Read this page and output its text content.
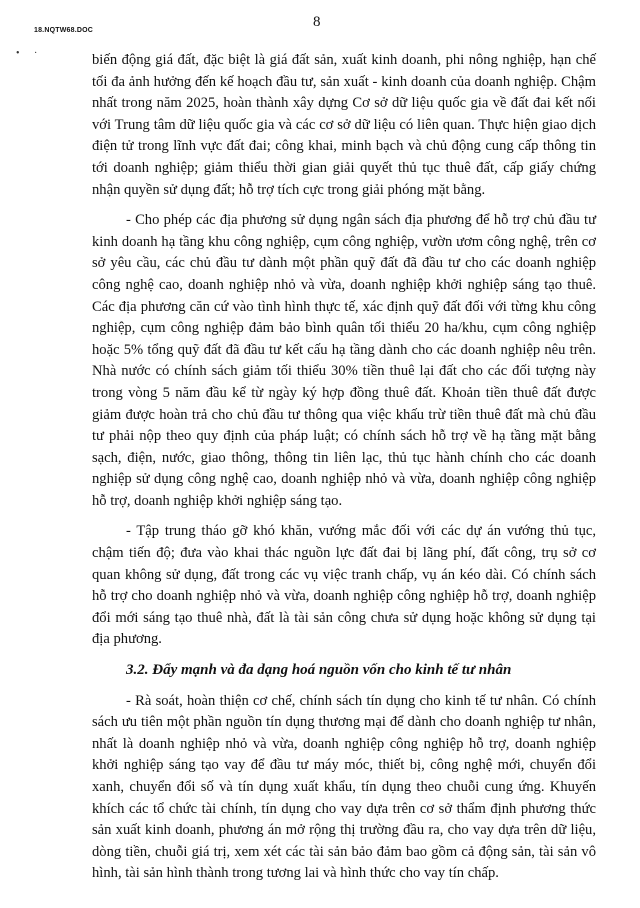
18.NQTW68.DOC
8
• ·	biến động giá đất, đặc biệt là giá đất sản, xuất kinh doanh, phi nông nghiệp, hạn chế tối đa ảnh hưởng đến kế hoạch đầu tư, sản xuất - kinh doanh của doanh nghiệp. Chậm nhất trong năm 2025, hoàn thành xây dựng Cơ sở dữ liệu quốc gia về đất đai kết nối với Trung tâm dữ liệu quốc gia và các cơ sở dữ liệu có liên quan. Thực hiện giao dịch điện tử trong lĩnh vực đất đai; công khai, minh bạch và chủ động cung cấp thông tin tới doanh nghiệp; giảm thiểu thời gian giải quyết thủ tục thuê đất, cấp giấy chứng nhận quyền sử dụng đất; hỗ trợ tích cực trong giải phóng mặt bằng.

- Cho phép các địa phương sử dụng ngân sách địa phương để hỗ trợ chủ đầu tư kinh doanh hạ tầng khu công nghiệp, cụm công nghiệp, vườn ươm công nghệ, trên cơ sở yêu cầu, các chủ đầu tư dành một phần quỹ đất đã đầu tư cho các doanh nghiệp công nghệ cao, doanh nghiệp nhỏ và vừa, doanh nghiệp khởi nghiệp sáng tạo thuê. Các địa phương căn cứ vào tình hình thực tế, xác định quỹ đất đối với từng khu công nghiệp, cụm công nghiệp đảm bảo bình quân tối thiểu 20 ha/khu, cụm công nghiệp hoặc 5% tổng quỹ đất đã đầu tư kết cấu hạ tầng dành cho các doanh nghiệp nêu trên. Nhà nước có chính sách giảm tối thiểu 30% tiền thuê lại đất cho các đối tượng này trong vòng 5 năm đầu kể từ ngày ký hợp đồng thuê đất. Khoản tiền thuê đất được giảm được hoàn trả cho chủ đầu tư thông qua việc khấu trừ tiền thuê đất mà chủ đầu tư phải nộp theo quy định của pháp luật; có chính sách hỗ trợ về hạ tầng mặt bằng sạch, điện, nước, giao thông, thông tin liên lạc, thủ tục hành chính cho các doanh nghiệp sử dụng công nghệ cao, doanh nghiệp nhỏ và vừa, doanh nghiệp công nghiệp hỗ trợ, doanh nghiệp khởi nghiệp sáng tạo.

- Tập trung tháo gỡ khó khăn, vướng mắc đối với các dự án vướng thủ tục, chậm tiến độ; đưa vào khai thác nguồn lực đất đai bị lãng phí, đất công, trụ sở cơ quan không sử dụng, đất trong các vụ việc tranh chấp, vụ án kéo dài. Có chính sách hỗ trợ cho doanh nghiệp nhỏ và vừa, doanh nghiệp công nghiệp hỗ trợ, doanh nghiệp đổi mới sáng tạo thuê nhà, đất là tài sản công chưa sử dụng hoặc không sử dụng tại địa phương.

3.2. Đẩy mạnh và đa dạng hoá nguồn vốn cho kinh tế tư nhân

- Rà soát, hoàn thiện cơ chế, chính sách tín dụng cho kinh tế tư nhân. Có chính sách ưu tiên một phần nguồn tín dụng thương mại để dành cho doanh nghiệp tư nhân, nhất là doanh nghiệp nhỏ và vừa, doanh nghiệp công nghiệp hỗ trợ, doanh nghiệp khởi nghiệp sáng tạo vay để đầu tư máy móc, thiết bị, công nghệ mới, chuyển đổi xanh, chuyển đổi số và tín dụng xuất khẩu, tín dụng theo chuỗi cung ứng. Khuyến khích các tổ chức tài chính, tín dụng cho vay dựa trên cơ sở thẩm định phương thức sản xuất kinh doanh, phương án mở rộng thị trường đầu ra, cho vay dựa trên dữ liệu, dòng tiền, chuỗi giá trị, xem xét các tài sản bảo đảm bao gồm cả động sản, tài sản vô hình, tài sản hình thành trong tương lai và hình thức cho vay tín chấp.
